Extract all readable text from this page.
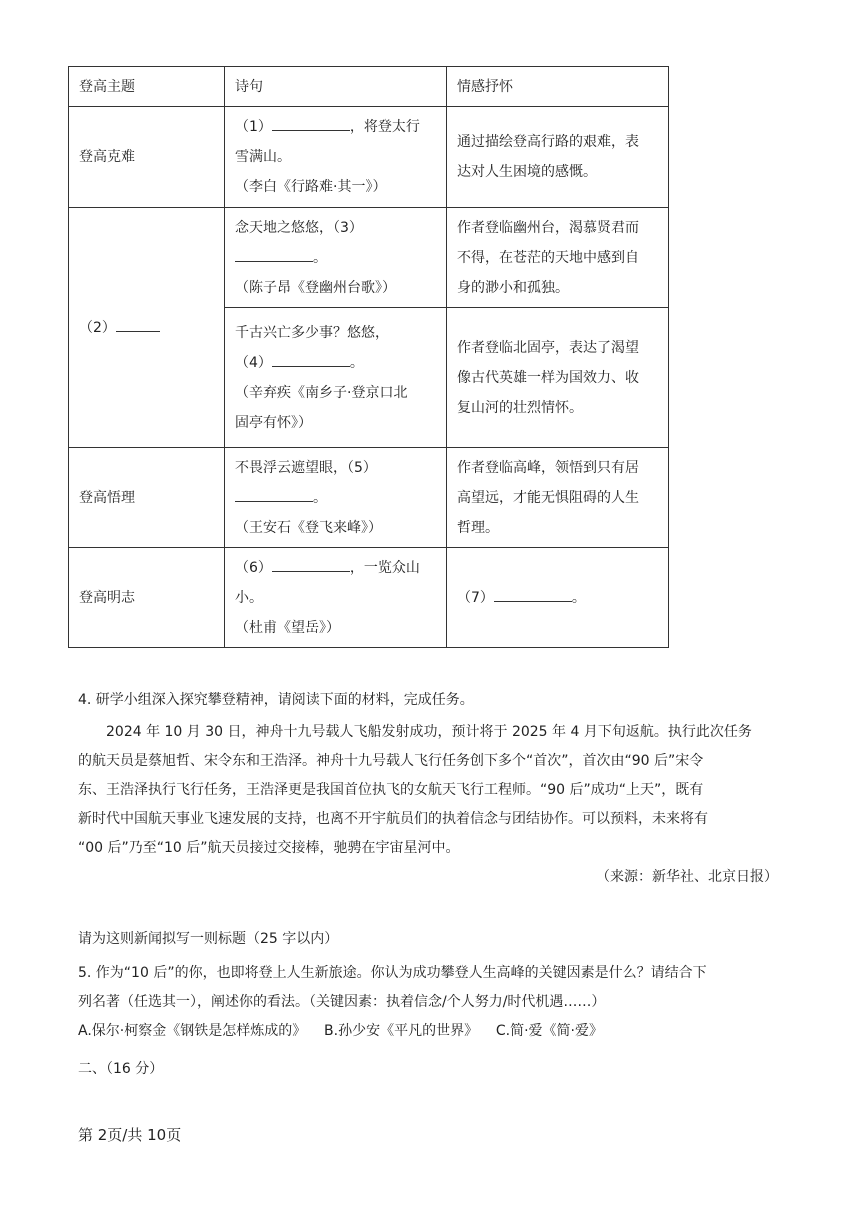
登高主题	诗句	情感抒怀
登高克难	（1） ，将登太行
雪满山。
（李白《行路难·其一》）	通过描绘登高行路的艰难，表
达对人生困境的感慨。

（2）	念天地之悠悠，（3）
。
（陈子昂《登幽州台歌》）	作者登临幽州台，渴慕贤君而
不得，在苍茫的天地中感到自
身的渺小和孤独。

	千古兴亡多少事？悠悠，
（4） 。
（辛弃疾《南乡子·登京口北
固亭有怀》）	作者登临北固亭，表达了渴望
像古代英雄一样为国效力、收
复山河的壮烈情怀。

登高悟理	不畏浮云遮望眼，（5）
。
（王安石《登飞来峰》）	作者登临高峰，领悟到只有居
高望远，才能无惧阻碍的人生
哲理。

登高明志	（6） ，一览众山
小。
（杜甫《望岳》）	（7） 。
4. 研学小组深入探究攀登精神，请阅读下面的材料，完成任务。
2024 年 10 月 30 日，神舟十九号载人飞船发射成功，预计将于 2025 年 4 月下旬返航。执行此次任务
的航天员是蔡旭哲、宋令东和王浩泽。神舟十九号载人飞行任务创下多个“首次”，首次由“90 后”宋令
东、王浩泽执行飞行任务，王浩泽更是我国首位执飞的女航天飞行工程师。“90 后”成功“上天”，既有
新时代中国航天事业飞速发展的支持，也离不开宇航员们的执着信念与团结协作。可以预料，未来将有
“00 后”乃至“10 后”航天员接过交接棒，驰骋在宇宙星河中。
（来源：新华社、北京日报）
请为这则新闻拟写一则标题（25 字以内）
5. 作为“10 后”的你，也即将登上人生新旅途。你认为成功攀登人生高峰的关键因素是什么？请结合下
列名著（任选其一），阐述你的看法。（关键因素：执着信念/个人努力/时代机遇……）
A.保尔·柯察金《钢铁是怎样炼成的》    B.孙少安《平凡的世界》    C.简·爱《简·爱》
二、（16 分）
第 2页/共 10页
